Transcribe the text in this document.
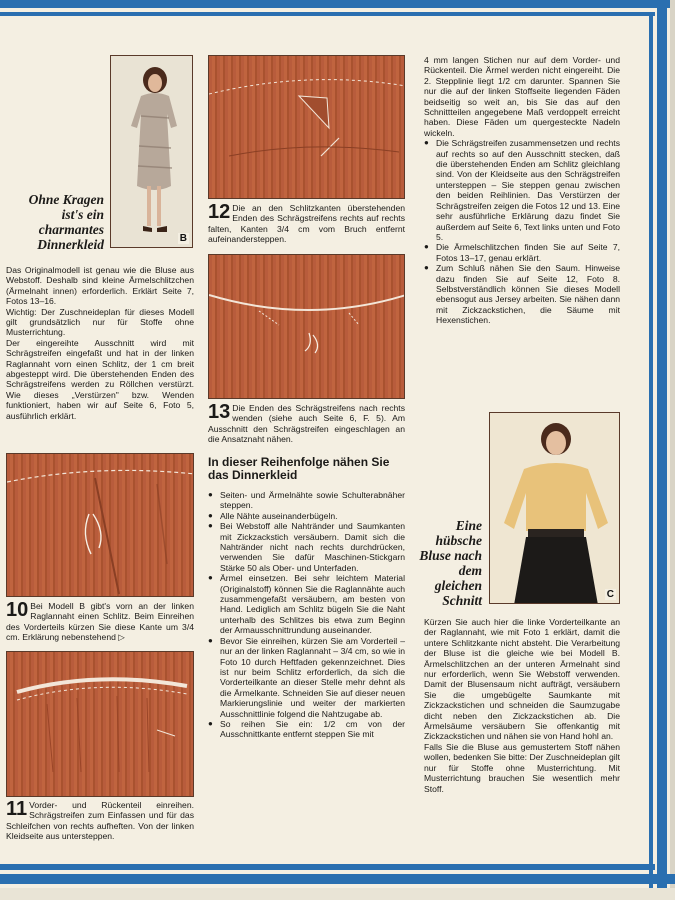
Ohne Kragen ist's ein charmantes Dinnerkleid	B

Das Originalmodell ist genau wie die Bluse aus Webstoff. Deshalb sind kleine Ärmelschlitzchen (Ärmelnaht innen) erforderlich. Erklärt Seite 7, Fotos 13–16.

Wichtig: Der Zuschneideplan für dieses Modell gilt grundsätzlich nur für Stoffe ohne Musterrichtung.

Der eingereihte Ausschnitt wird mit Schrägstreifen eingefaßt und hat in der linken Raglannaht vorn einen Schlitz, der 1 cm breit abgesteppt wird. Die überstehenden Enden des Schrägstreifens werden zu Röllchen verstürzt. Wie dieses „Verstürzen" bzw. Wenden funktioniert, haben wir auf Seite 6, Foto 5, ausführlich erklärt.

10 Bei Modell B gibt's vorn an der linken Raglannaht einen Schlitz. Beim Einreihen des Vorderteils kürzen Sie diese Kante um 3/4 cm. Erklärung nebenstehend ▷
11 Vorder- und Rückenteil einreihen. Schrägstreifen zum Einfassen und für das Schleifchen von rechts aufheften. Von der linken Kleidseite aus untersteppen.
12 Die an den Schlitzkanten überstehenden Enden des Schrägstreifens rechts auf rechts falten, Kanten 3/4 cm vom Bruch entfernt aufeinandersteppen.
13 Die Enden des Schrägstreifens nach rechts wenden (siehe auch Seite 6, F. 5). Am Ausschnitt den Schrägstreifen eingeschlagen an die Ansatznaht nähen.
In dieser Reihenfolge nähen Sie das Dinnerkleid
● Seiten- und Ärmelnähte sowie Schulterabnäher steppen.
● Alle Nähte auseinanderbügeln.
● Bei Webstoff alle Nahtränder und Saumkanten mit Zickzackstich versäubern. Damit sich die Nahtränder nicht nach rechts durchdrücken, verwenden Sie dafür Maschinen-Stickgarn Stärke 50 als Ober- und Unterfaden.
● Ärmel einsetzen. Bei sehr leichtem Material (Originalstoff) können Sie die Raglannähte auch zusammengefaßt versäubern, am besten von Hand. Lediglich am Schlitz bügeln Sie die Naht unterhalb des Schlitzes bis etwa zum Beginn der Armausschnittrundung auseinander.
● Bevor Sie einreihen, kürzen Sie am Vorderteil – nur an der linken Raglannaht – 3/4 cm, so wie in Foto 10 durch Heftfaden gekennzeichnet. Dies ist nur beim Schlitz erforderlich, da sich die Vorderteilkante an dieser Stelle mehr dehnt als die Ärmelkante. Schneiden Sie auf dieser neuen Markierungslinie und weiter der markierten Ausschnittlinie folgend die Nahtzugabe ab.
● So reihen Sie ein: 1/2 cm von der Ausschnittkante entfernt steppen Sie mit

4 mm langen Stichen nur auf dem Vorder- und Rückenteil. Die Ärmel werden nicht eingereiht. Die 2. Stepplinie liegt 1/2 cm darunter. Spannen Sie nur die auf der linken Stoffseite liegenden Fäden beidseitig so weit an, bis Sie das auf den Schnittteilen angegebene Maß verdoppelt erreicht haben. Diese Fäden um quergesteckte Nadeln wickeln.

● Die Schrägstreifen zusammensetzen und rechts auf rechts so auf den Ausschnitt stecken, daß die überstehenden Enden am Schlitz gleichlang sind. Von der Kleidseite aus den Schrägstreifen untersteppen – Sie steppen genau zwischen den beiden Reihlinien. Das Verstürzen der Schrägstreifen zeigen die Fotos 12 und 13. Eine sehr ausführliche Erklärung dazu findet Sie außerdem auf Seite 6, Text links unten und Foto 5.
● Die Ärmelschlitzchen finden Sie auf Seite 7, Fotos 13–17, genau erklärt.
● Zum Schluß nähen Sie den Saum. Hinweise dazu finden Sie auf Seite 12, Foto 8. Selbstverständlich können Sie dieses Modell ebensogut aus Jersey arbeiten. Sie nähen dann mit Zickzackstichen, die Säume mit Hexenstichen.
Eine hübsche Bluse nach dem gleichen Schnitt	C

Kürzen Sie auch hier die linke Vorderteilkante an der Raglannaht, wie mit Foto 1 erklärt, damit die untere Schlitzkante nicht absteht. Die Verarbeitung der Bluse ist die gleiche wie bei Modell B. Ärmelschlitzchen an der unteren Ärmelnaht sind nur erforderlich, wenn Sie Webstoff verwenden. Damit der Blusensaum nicht aufträgt, versäubern Sie die umgebügelte Saumkante mit Zickzackstichen und schneiden die Saumzugabe dicht neben den Zickzackstichen ab. Die Ärmelsäume versäubern Sie offenkantig mit Zickzackstichen und nähen sie von Hand hohl an.

Falls Sie die Bluse aus gemustertem Stoff nähen wollen, bedenken Sie bitte: Der Zuschneideplan gilt nur für Stoffe ohne Musterrichtung. Mit Musterrichtung brauchen Sie wesentlich mehr Stoff.
